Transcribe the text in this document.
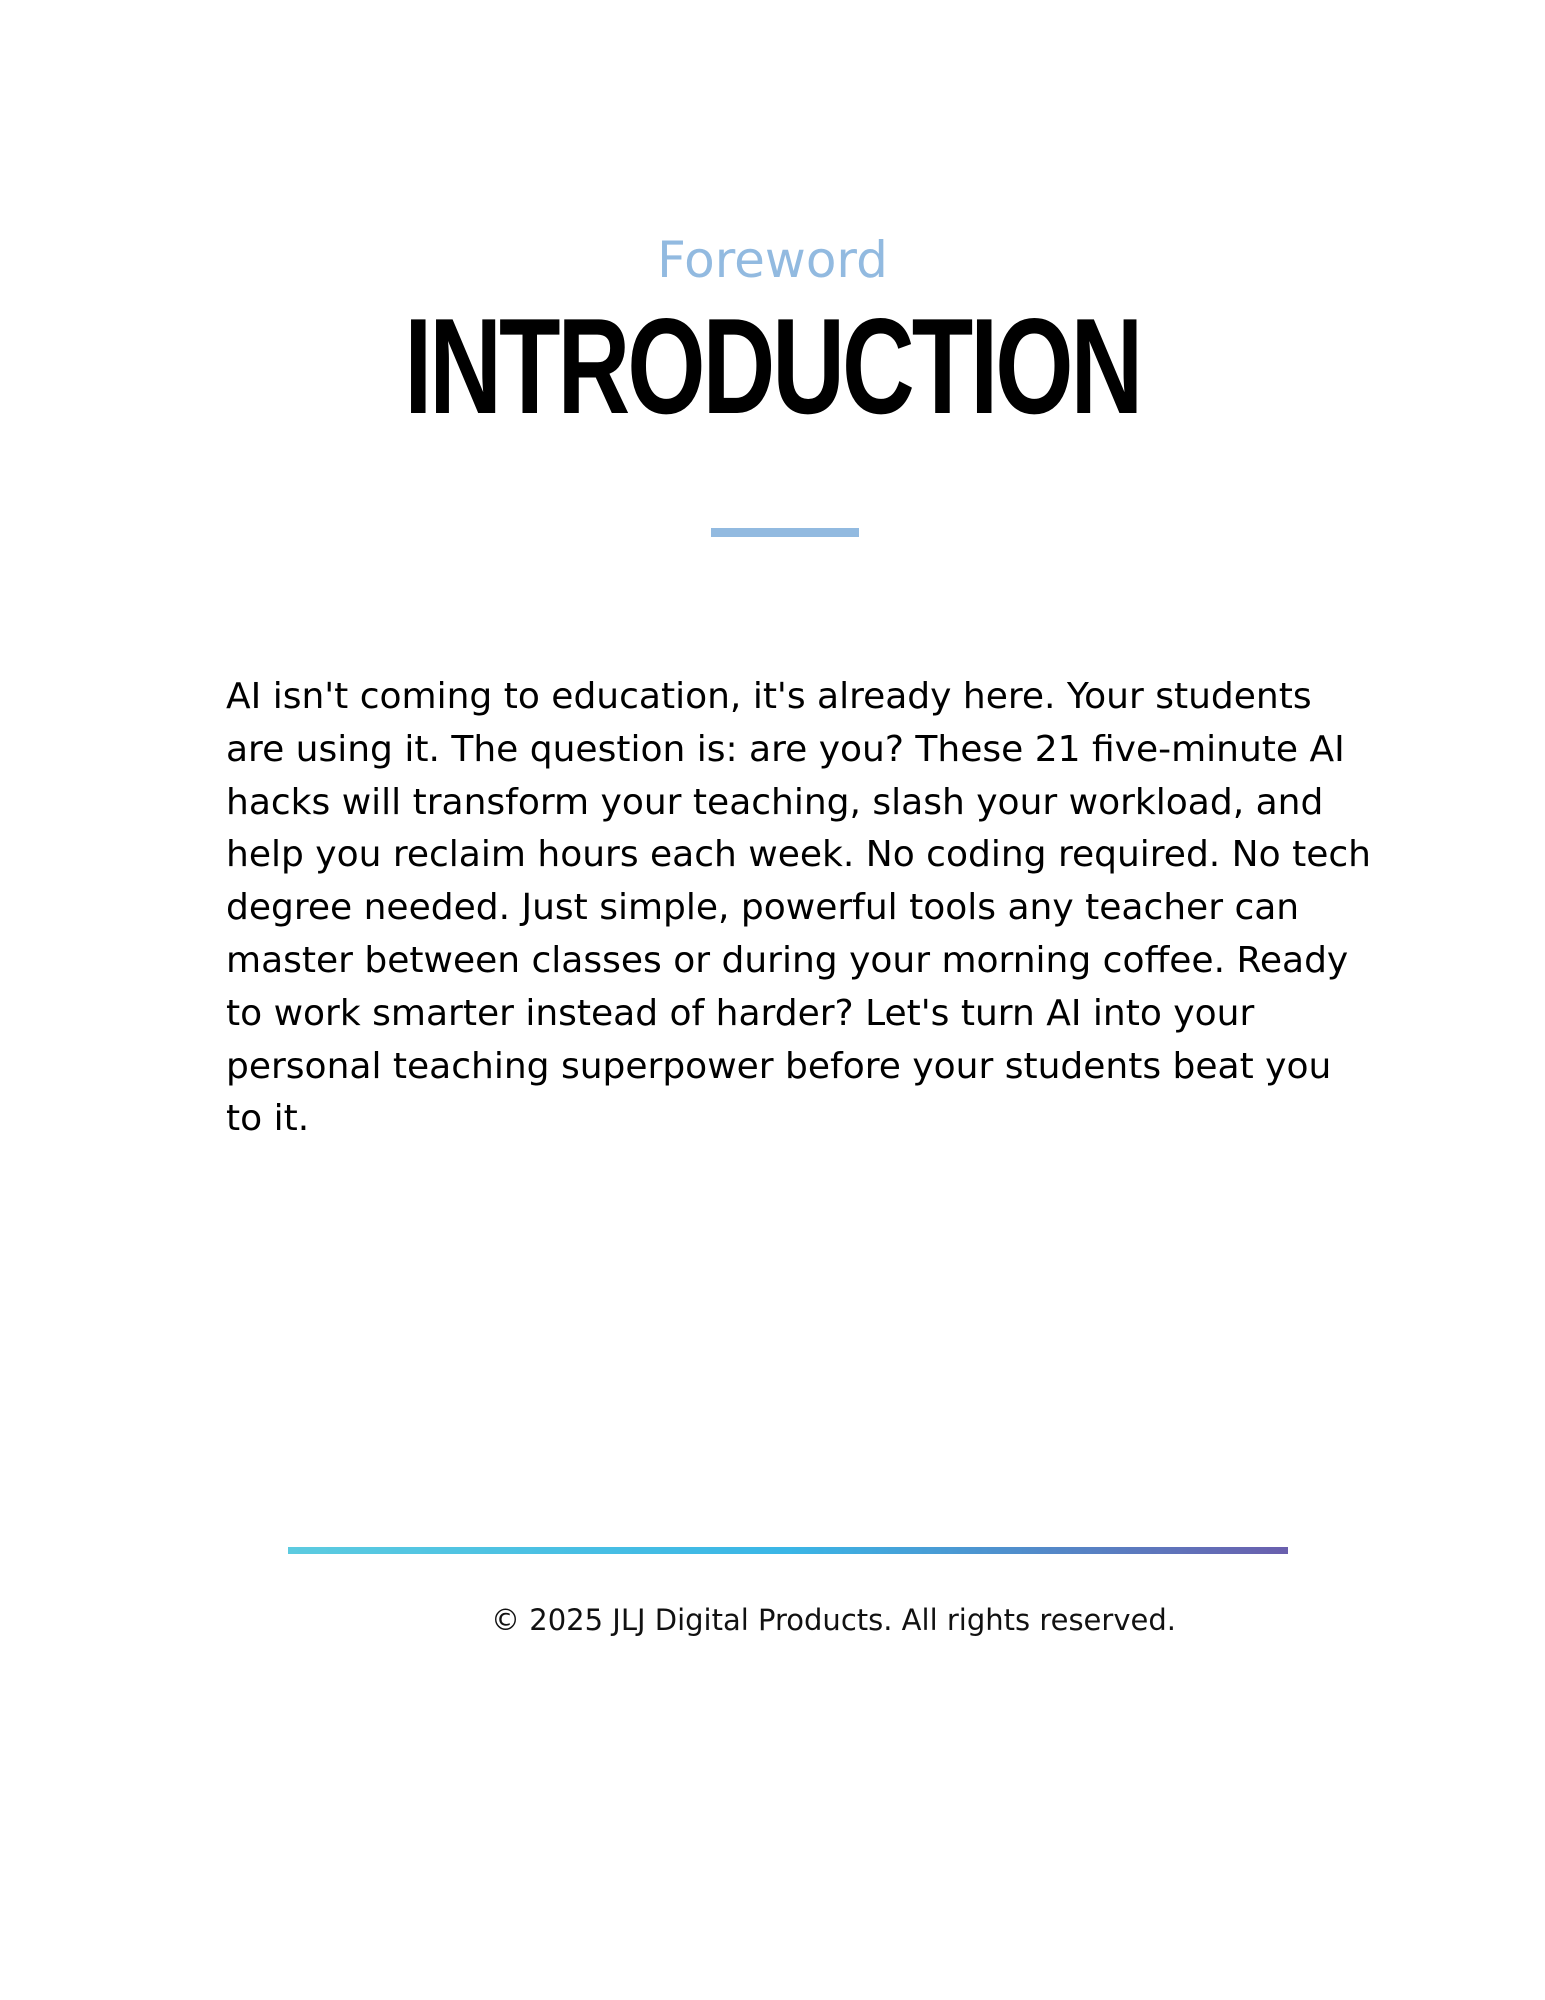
Foreword
INTRODUCTION

AI isn't coming to education, it's already here. Your students are using it. The question is: are you? These 21 five-minute AI hacks will transform your teaching, slash your workload, and help you reclaim hours each week. No coding required. No tech degree needed. Just simple, powerful tools any teacher can master between classes or during your morning coffee. Ready to work smarter instead of harder? Let's turn AI into your personal teaching superpower before your students beat you to it.

© 2025 JLJ Digital Products. All rights reserved.
